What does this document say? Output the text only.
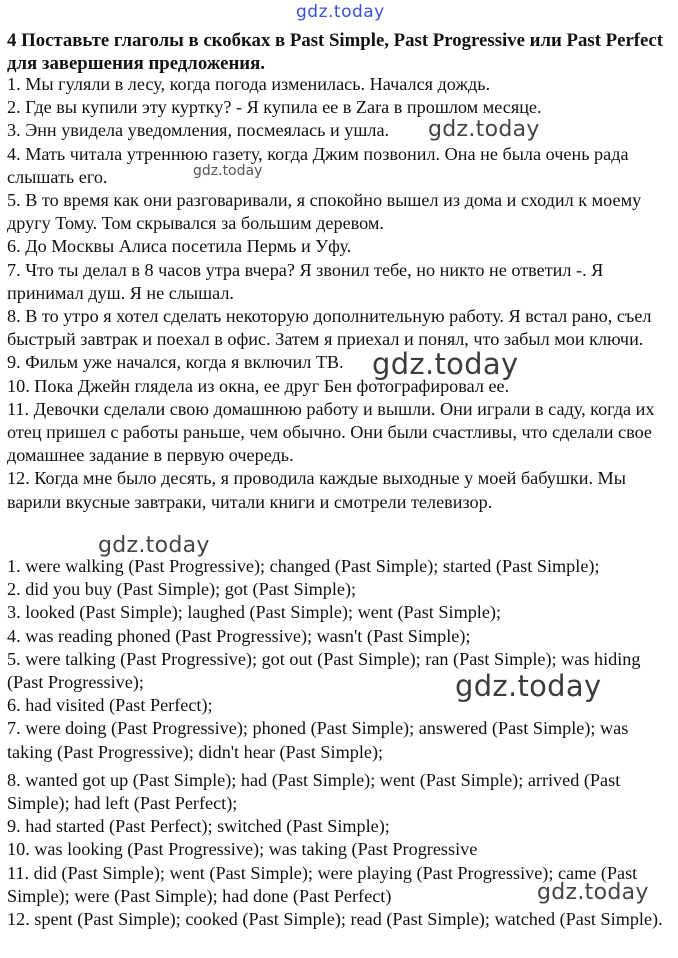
gdz.today
4 Поставьте глаголы в скобках в Past Simple, Past Progressive или Past Perfect для завершения предложения.
1. Мы гуляли в лесу, когда погода изменилась. Начался дождь.
2. Где вы купили эту куртку? - Я купила ее в Zara в прошлом месяце.
3. Энн увидела уведомления, посмеялась и ушла.
4. Мать читала утреннюю газету, когда Джим позвонил. Она не была очень рада слышать его.
5. В то время как они разговаривали, я спокойно вышел из дома и сходил к моему другу Тому. Том скрывался за большим деревом.
6. До Москвы Алиса посетила Пермь и Уфу.
7. Что ты делал в 8 часов утра вчера? Я звонил тебе, но никто не ответил -. Я принимал душ. Я не слышал.
8. В то утро я хотел сделать некоторую дополнительную работу. Я встал рано, съел быстрый завтрак и поехал в офис. Затем я приехал и понял, что забыл мои ключи.
9. Фильм уже начался, когда я включил ТВ.
10. Пока Джейн глядела из окна, ее друг Бен фотографировал ее.
11. Девочки сделали свою домашнюю работу и вышли. Они играли в саду, когда их отец пришел с работы раньше, чем обычно. Они были счастливы, что сделали свое домашнее задание в первую очередь.
12. Когда мне было десять, я проводила каждые выходные у моей бабушки. Мы варили вкусные завтраки, читали книги и смотрели телевизор.
1. were walking (Past Progressive); changed (Past Simple); started (Past Simple);
2. did you buy (Past Simple); got (Past Simple);
3. looked (Past Simple); laughed (Past Simple); went (Past Simple);
4. was reading phoned (Past Progressive); wasn't (Past Simple);
5. were talking (Past Progressive); got out (Past Simple); ran (Past Simple); was hiding (Past Progressive);
6. had visited (Past Perfect);
7. were doing (Past Progressive); phoned (Past Simple); answered (Past Simple); was taking (Past Progressive); didn't hear (Past Simple);
8. wanted got up (Past Simple); had (Past Simple); went (Past Simple); arrived (Past Simple); had left (Past Perfect);
9. had started (Past Perfect); switched (Past Simple);
10. was looking (Past Progressive); was taking (Past Progressive
11. did (Past Simple); went (Past Simple); were playing (Past Progressive); came (Past Simple); were (Past Simple); had done (Past Perfect)
12. spent (Past Simple); cooked (Past Simple); read (Past Simple); watched (Past Simple).
gdz.today
gdz.today
gdz.today
gdz.today
gdz.today
gdz.today
